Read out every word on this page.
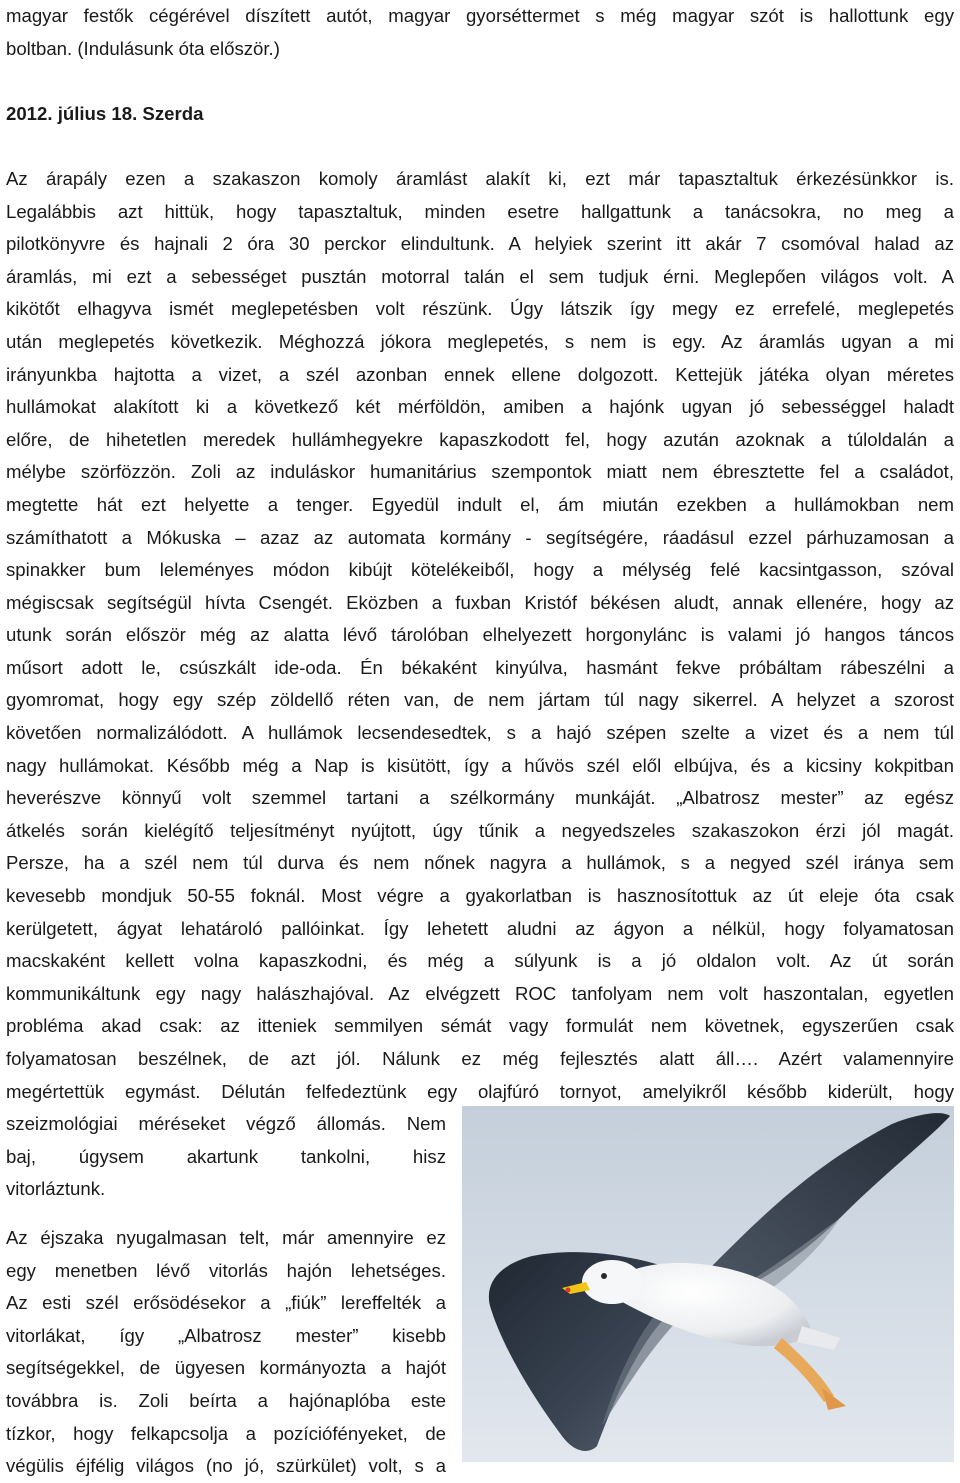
magyar festők cégérével díszített autót, magyar gyorséttermet s még magyar szót is hallottunk egy

boltban. (Indulásunk óta először.)

2012. július 18. Szerda

Az árapály ezen a szakaszon komoly áramlást alakít ki, ezt már tapasztaltuk érkezésünkkor is.

Legalábbis azt hittük, hogy tapasztaltuk, minden esetre hallgattunk a tanácsokra, no meg a

pilotkönyvre és hajnali 2 óra 30 perckor elindultunk. A helyiek szerint itt akár 7 csomóval halad az

áramlás, mi ezt a sebességet pusztán motorral talán el sem tudjuk érni. Meglepően világos volt. A

kikötőt elhagyva ismét meglepetésben volt részünk. Úgy látszik így megy ez errefelé, meglepetés

után meglepetés következik. Méghozzá jókora meglepetés, s nem is egy. Az áramlás ugyan a mi

irányunkba hajtotta a vizet, a szél azonban ennek ellene dolgozott. Kettejük játéka olyan méretes

hullámokat alakított ki a következő két mérföldön, amiben a hajónk ugyan jó sebességgel haladt

előre, de hihetetlen meredek hullámhegyekre kapaszkodott fel, hogy azután azoknak a túloldalán a

mélybe szörfözzön. Zoli az induláskor humanitárius szempontok miatt nem ébresztette fel a családot,

megtette hát ezt helyette a tenger. Egyedül indult el, ám miután ezekben a hullámokban nem

számíthatott a Mókuska – azaz az automata kormány - segítségére, ráadásul ezzel párhuzamosan a

spinakker bum leleményes módon kibújt kötelékeiből, hogy a mélység felé kacsintgasson, szóval

mégiscsak segítségül hívta Csengét. Eközben a fuxban Kristóf békésen aludt, annak ellenére, hogy az

utunk során először még az alatta lévő tárolóban elhelyezett horgonylánc is valami jó hangos táncos

műsort adott le, csúszkált ide-oda. Én békaként kinyúlva, hasmánt fekve próbáltam rábeszélni a

gyomromat, hogy egy szép zöldellő réten van, de nem jártam túl nagy sikerrel. A helyzet a szorost

követően normalizálódott. A hullámok lecsendesedtek, s a hajó szépen szelte a vizet és a nem túl

nagy hullámokat. Később még a Nap is kisütött, így a hűvös szél elől elbújva, és a kicsiny kokpitban

heverészve könnyű volt szemmel tartani a szélkormány munkáját. „Albatrosz mester” az egész

átkelés során kielégítő teljesítményt nyújtott, úgy tűnik a negyedszeles szakaszokon érzi jól magát.

Persze, ha a szél nem túl durva és nem nőnek nagyra a hullámok, s a negyed szél iránya sem

kevesebb mondjuk 50-55 foknál. Most végre a gyakorlatban is hasznosítottuk az út eleje óta csak

kerülgetett, ágyat lehatároló pallóinkat. Így lehetett aludni az ágyon a nélkül, hogy folyamatosan

macskaként kellett volna kapaszkodni, és még a súlyunk is a jó oldalon volt. Az út során

kommunikáltunk egy nagy halászhajóval. Az elvégzett ROC tanfolyam nem volt haszontalan, egyetlen

probléma akad csak: az itteniek semmilyen sémát vagy formulát nem követnek, egyszerűen csak

folyamatosan beszélnek, de azt jól. Nálunk ez még fejlesztés alatt áll…. Azért valamennyire

megértettük egymást. Délután felfedeztünk egy olajfúró tornyot, amelyikről később kiderült, hogy

szeizmológiai méréseket végző állomás. Nem

baj, úgysem akartunk tankolni, hisz

vitorláztunk.

Az éjszaka nyugalmasan telt, már amennyire ez

egy menetben lévő vitorlás hajón lehetséges.

Az esti szél erősödésekor a „fiúk” lereffelték a

vitorlákat, így „Albatrosz mester” kisebb

segítségekkel, de ügyesen kormányozta a hajót

továbbra is. Zoli beírta a hajónaplóba este

tízkor, hogy felkapcsolja a pozíciófényeket, de

végülis éjfélig világos (no jó, szürkület) volt, s a
